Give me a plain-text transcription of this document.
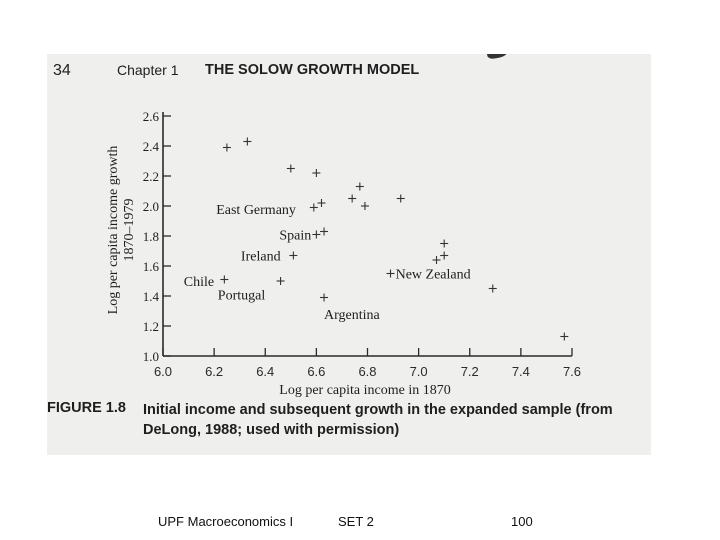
34	Chapter 1 THE SOLOW GROWTH MODEL
1.0
1.2
1.4
1.6
1.8
2.0
2.2
2.4
2.6
6.0	6.2	6.4	6.6	6.8	7.0	7.2	7.4	7.6
East Germany
Spain
Ireland
Chile
Portugal
Argentina
New Zealand
Log per capita income in 1870
Log per capita income growth 1870–1979
FIGURE 1.8 Initial income and subsequent growth in the expanded sample (from DeLong, 1988; used with permission)
UPF Macroeconomics I	SET 2	100
